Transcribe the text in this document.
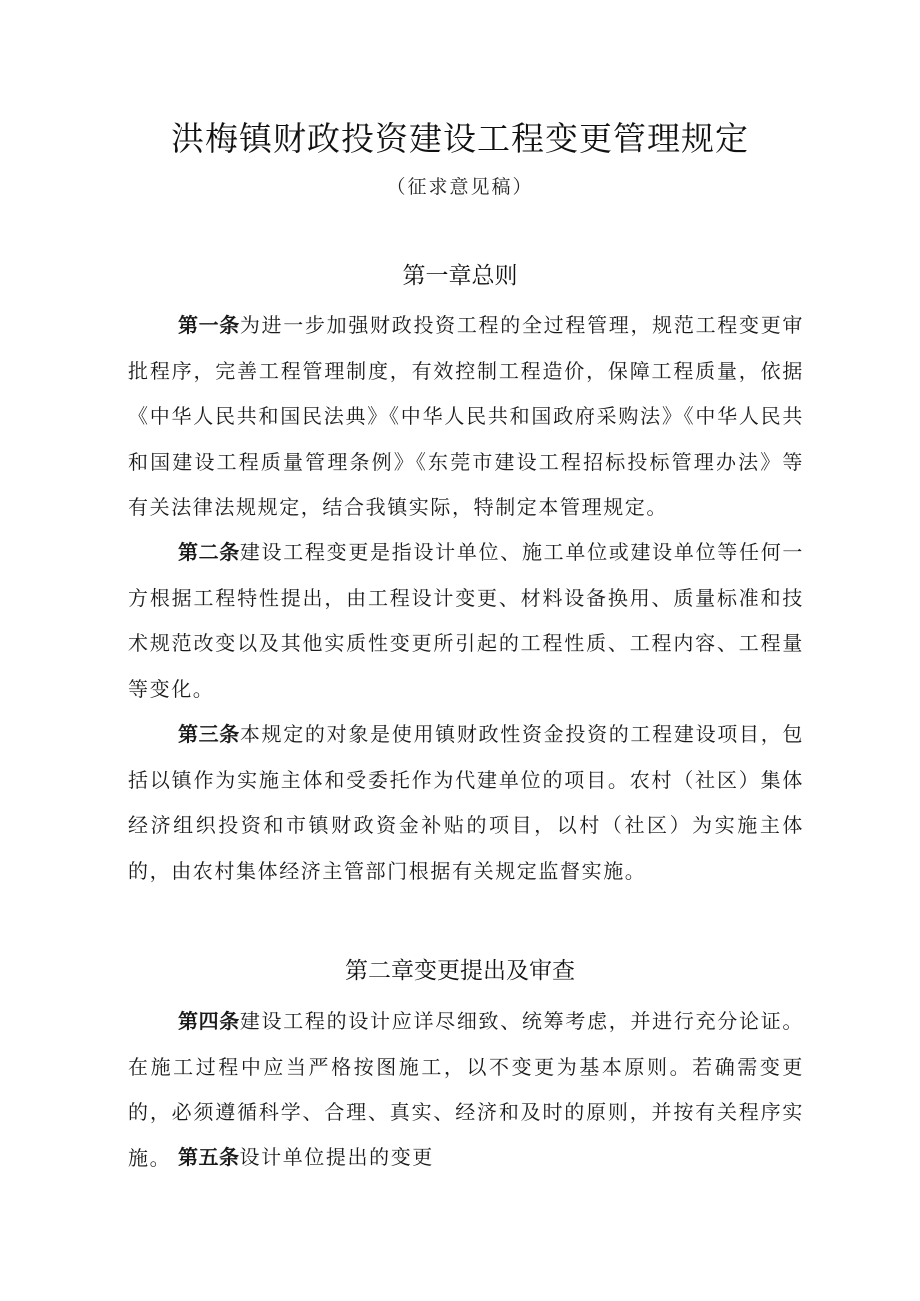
洪梅镇财政投资建设工程变更管理规定
（征求意见稿）
第一章总则

第一条为进一步加强财政投资工程的全过程管理，规范工程变更审批程序，完善工程管理制度，有效控制工程造价，保障工程质量，依据《中华人民共和国民法典》《中华人民共和国政府采购法》《中华人民共和国建设工程质量管理条例》《东莞市建设工程招标投标管理办法》等有关法律法规规定，结合我镇实际，特制定本管理规定。

第二条建设工程变更是指设计单位、施工单位或建设单位等任何一方根据工程特性提出，由工程设计变更、材料设备换用、质量标准和技术规范改变以及其他实质性变更所引起的工程性质、工程内容、工程量等变化。

第三条本规定的对象是使用镇财政性资金投资的工程建设项目，包括以镇作为实施主体和受委托作为代建单位的项目。农村（社区）集体经济组织投资和市镇财政资金补贴的项目，以村（社区）为实施主体的，由农村集体经济主管部门根据有关规定监督实施。

第二章变更提出及审查

第四条建设工程的设计应详尽细致、统筹考虑，并进行充分论证。在施工过程中应当严格按图施工，以不变更为基本原则。若确需变更的，必须遵循科学、合理、真实、经济和及时的原则，并按有关程序实施。 第五条设计单位提出的变更
